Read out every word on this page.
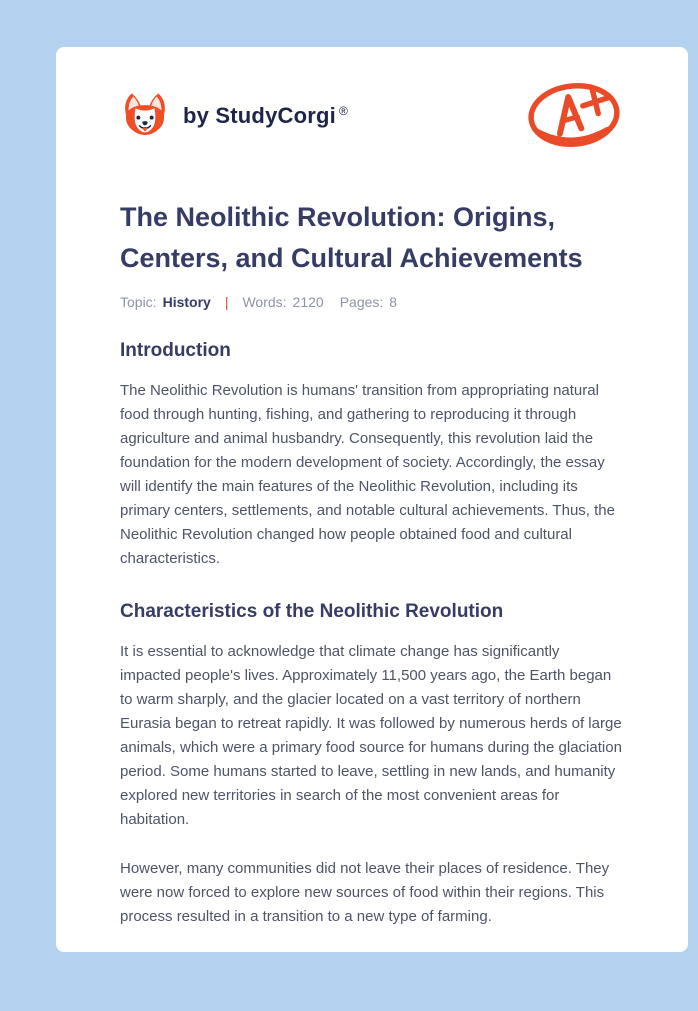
by StudyCorgi ®
The Neolithic Revolution: Origins, Centers, and Cultural Achievements
Topic: History | Words: 2120 Pages: 8
Introduction

The Neolithic Revolution is humans' transition from appropriating natural food through hunting, fishing, and gathering to reproducing it through agriculture and animal husbandry. Consequently, this revolution laid the foundation for the modern development of society. Accordingly, the essay will identify the main features of the Neolithic Revolution, including its primary centers, settlements, and notable cultural achievements. Thus, the Neolithic Revolution changed how people obtained food and cultural characteristics.

Characteristics of the Neolithic Revolution

It is essential to acknowledge that climate change has significantly impacted people's lives. Approximately 11,500 years ago, the Earth began to warm sharply, and the glacier located on a vast territory of northern Eurasia began to retreat rapidly. It was followed by numerous herds of large animals, which were a primary food source for humans during the glaciation period. Some humans started to leave, settling in new lands, and humanity explored new territories in search of the most convenient areas for habitation.

However, many communities did not leave their places of residence. They were now forced to explore new sources of food within their regions. This process resulted in a transition to a new type of farming.
